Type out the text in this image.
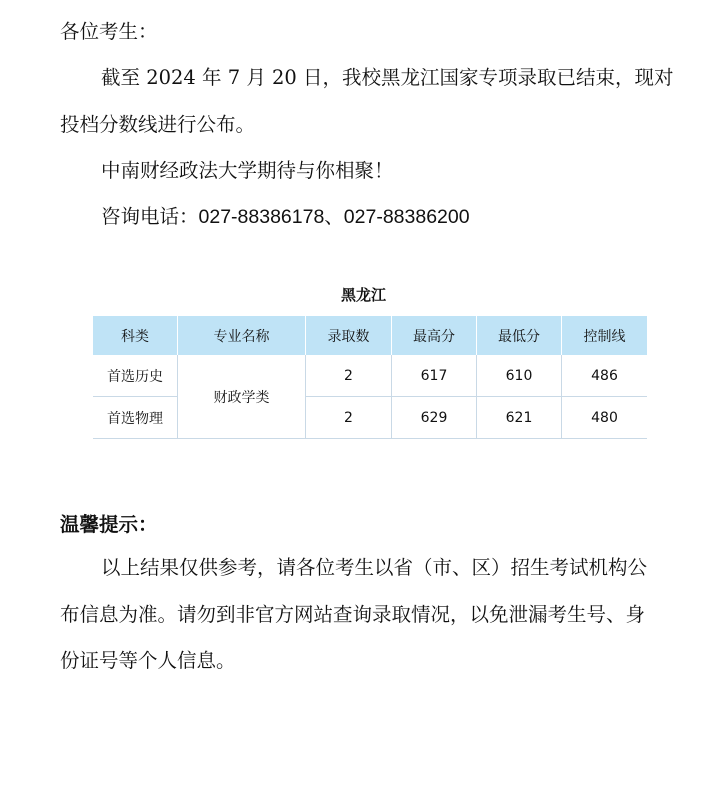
各位考生：
截至 2024 年 7 月 20 日，我校黑龙江国家专项录取已结束，现对
投档分数线进行公布。
中南财经政法大学期待与你相聚！
咨询电话：027-88386178、027-88386200
黑龙江
科类	专业名称	录取数	最高分	最低分	控制线
首选历史	财政学类	2	617	610	486
首选物理		2	629	621	480
温馨提示：
以上结果仅供参考，请各位考生以省（市、区）招生考试机构公
布信息为准。请勿到非官方网站查询录取情况，以免泄漏考生号、身
份证号等个人信息。
